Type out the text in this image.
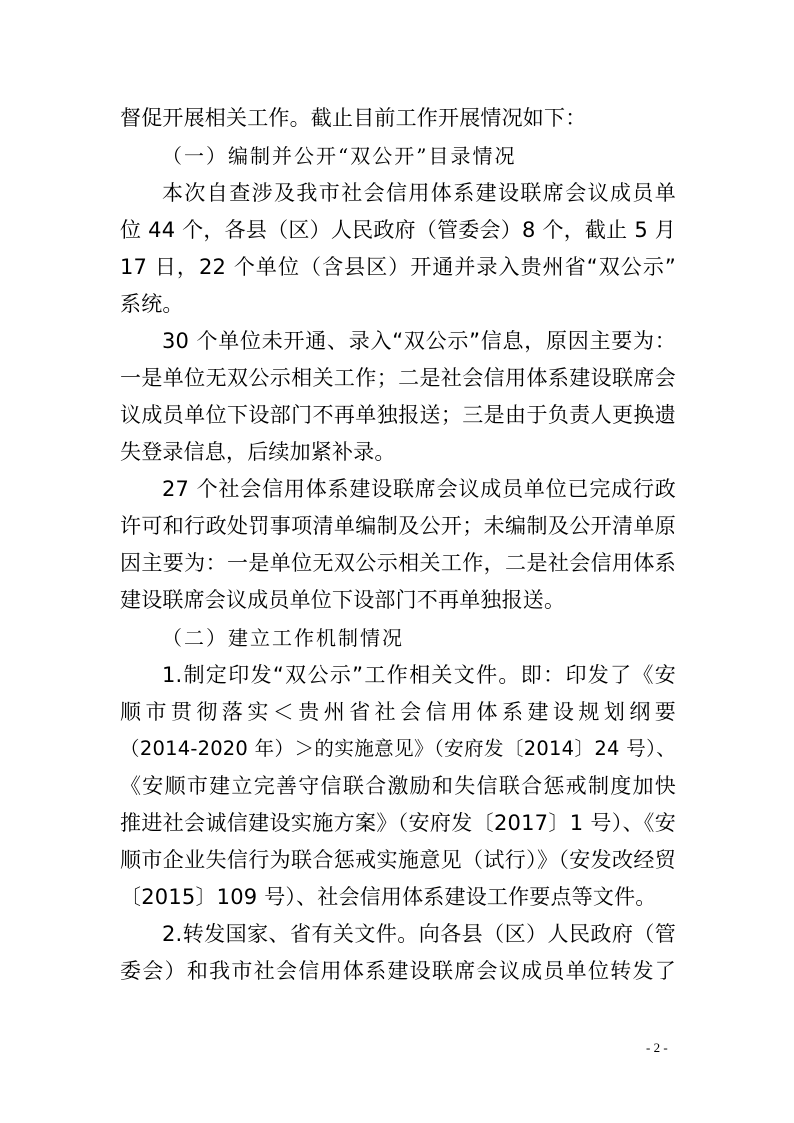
督促开展相关工作。截止目前工作开展情况如下：
（一）编制并公开“双公开”目录情况
本次自查涉及我市社会信用体系建设联席会议成员单
位 44 个，各县（区）人民政府（管委会）8 个，截止 5 月
17 日，22 个单位（含县区）开通并录入贵州省“双公示”
系统。
30 个单位未开通、录入“双公示”信息，原因主要为：
一是单位无双公示相关工作；二是社会信用体系建设联席会
议成员单位下设部门不再单独报送；三是由于负责人更换遗
失登录信息，后续加紧补录。
27 个社会信用体系建设联席会议成员单位已完成行政
许可和行政处罚事项清单编制及公开；未编制及公开清单原
因主要为：一是单位无双公示相关工作，二是社会信用体系
建设联席会议成员单位下设部门不再单独报送。
（二）建立工作机制情况
1.制定印发“双公示”工作相关文件。即：印发了《安
顺市贯彻落实＜贵州省社会信用体系建设规划纲要
（2014-2020 年）＞的实施意见》（安府发〔2014〕24 号）、
《安顺市建立完善守信联合激励和失信联合惩戒制度加快
推进社会诚信建设实施方案》（安府发〔2017〕1 号）、《安
顺市企业失信行为联合惩戒实施意见（试行）》（安发改经贸
〔2015〕109 号）、社会信用体系建设工作要点等文件。
2.转发国家、省有关文件。向各县（区）人民政府（管
委会）和我市社会信用体系建设联席会议成员单位转发了
- 2 -
